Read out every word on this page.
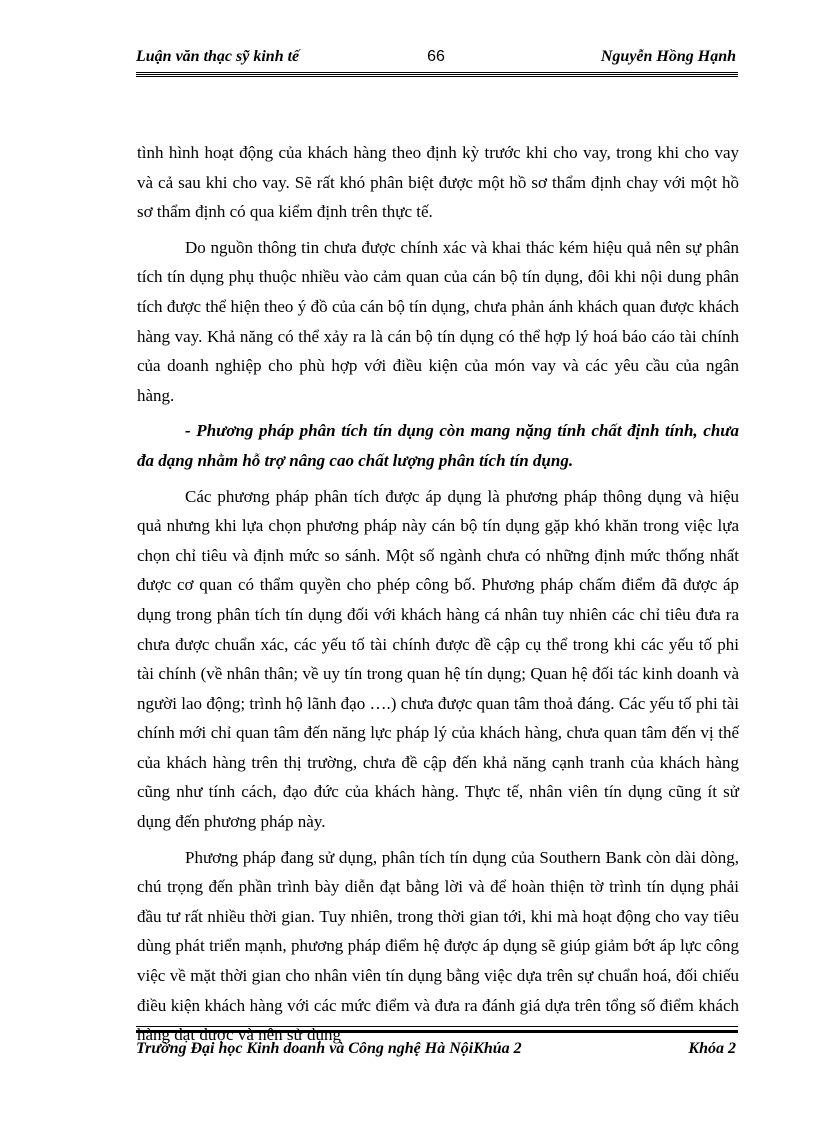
Luận văn thạc sỹ kinh tế	66	Nguyễn Hồng Hạnh

tình hình hoạt động của khách hàng theo định kỳ trước khi cho vay, trong khi cho vay và cả sau khi cho vay. Sẽ rất khó phân biệt được một hồ sơ thẩm định chay với một hồ sơ thẩm định có qua kiểm định trên thực tế.

Do nguồn thông tin chưa được chính xác và khai thác kém hiệu quả nên sự phân tích tín dụng phụ thuộc nhiều vào cảm quan của cán bộ tín dụng, đôi khi nội dung phân tích được thể hiện theo ý đồ của cán bộ tín dụng, chưa phản ánh khách quan được khách hàng vay. Khả năng có thể xảy ra là cán bộ tín dụng có thể hợp lý hoá báo cáo tài chính của doanh nghiệp cho phù hợp với điều kiện của món vay và các yêu cầu của ngân hàng.

- Phương pháp phân tích tín dụng còn mang nặng tính chất định tính, chưa đa dạng nhằm hỗ trợ nâng cao chất lượng phân tích tín dụng.

Các phương pháp phân tích được áp dụng là phương pháp thông dụng và hiệu quả nhưng khi lựa chọn phương pháp này cán bộ tín dụng gặp khó khăn trong việc lựa chọn chỉ tiêu và định mức so sánh. Một số ngành chưa có những định mức thống nhất được cơ quan có thẩm quyền cho phép công bố. Phương pháp chấm điểm đã được áp dụng trong phân tích tín dụng đối với khách hàng cá nhân tuy nhiên các chỉ tiêu đưa ra chưa được chuẩn xác, các yếu tố tài chính được đề cập cụ thể trong khi các yếu tố phi tài chính (về nhân thân; về uy tín trong quan hệ tín dụng; Quan hệ đối tác kinh doanh và người lao động; trình hộ lãnh đạo ….) chưa được quan tâm thoả đáng. Các yếu tố phi tài chính mới chỉ quan tâm đến năng lực pháp lý của khách hàng, chưa quan tâm đến vị thế của khách hàng trên thị trường, chưa đề cập đến khả năng cạnh tranh của khách hàng cũng như tính cách, đạo đức của khách hàng. Thực tế, nhân viên tín dụng cũng ít sử dụng đến phương pháp này.

Phương pháp đang sử dụng, phân tích tín dụng của Southern Bank còn dài dòng, chú trọng đến phần trình bày diễn đạt bằng lời và để hoàn thiện tờ trình tín dụng phải đầu tư rất nhiều thời gian. Tuy nhiên, trong thời gian tới, khi mà hoạt động cho vay tiêu dùng phát triển mạnh, phương pháp điểm hệ được áp dụng sẽ giúp giảm bớt áp lực công việc về mặt thời gian cho nhân viên tín dụng bằng việc dựa trên sự chuẩn hoá, đối chiếu điều kiện khách hàng với các mức điểm và đưa ra đánh giá dựa trên tổng số điểm khách hàng đạt được và nên sử dụng

Trường Đại học Kinh doanh và Công nghệ Hà NộiKhúa 2	Khóa 2
